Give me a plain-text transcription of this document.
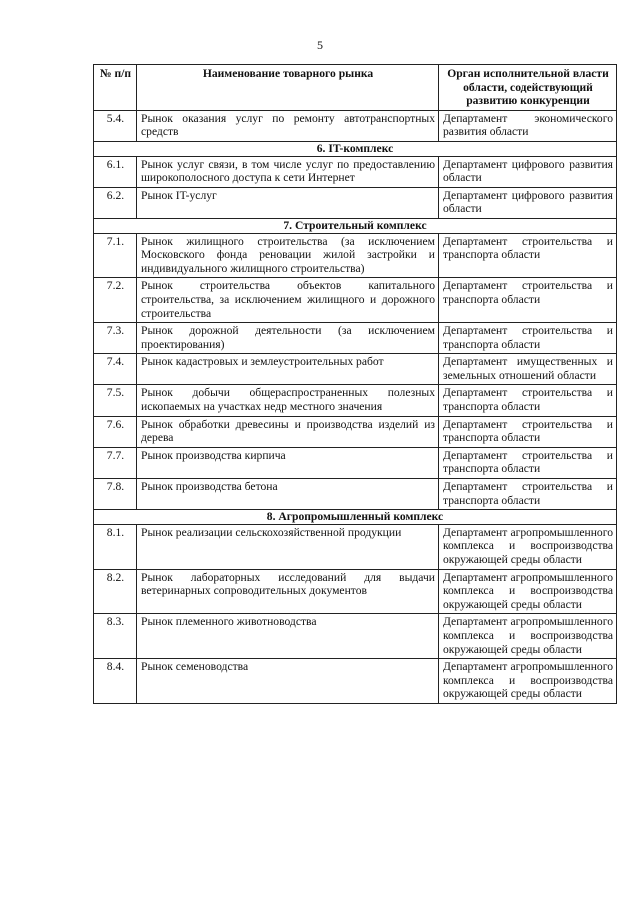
5
№ п/п	Наименование товарного рынка	Орган исполнительной власти области, содействующий развитию конкуренции
5.4.	Рынок оказания услуг по ремонту автотранспортных средств	Департамент экономического развития области
6. IT-комплекс		
6.1.	Рынок услуг связи, в том числе услуг по предоставлению широкополосного доступа к сети Интернет	Департамент цифрового развития области
6.2.	Рынок IT-услуг	Департамент цифрового развития области
7. Строительный комплекс		
7.1.	Рынок жилищного строительства (за исключением Московского фонда реновации жилой застройки и индивидуального жилищного строительства)	Департамент строительства и транспорта области
7.2.	Рынок строительства объектов капитального строительства, за исключением жилищного и дорожного строительства	Департамент строительства и транспорта области
7.3.	Рынок дорожной деятельности (за исключением проектирования)	Департамент строительства и транспорта области
7.4.	Рынок кадастровых и землеустроительных работ	Департамент имущественных и земельных отношений области
7.5.	Рынок добычи общераспространенных полезных ископаемых на участках недр местного значения	Департамент строительства и транспорта области
7.6.	Рынок обработки древесины и производства изделий из дерева	Департамент строительства и транспорта области
7.7.	Рынок производства кирпича	Департамент строительства и транспорта области
7.8.	Рынок производства бетона	Департамент строительства и транспорта области
8. Агропромышленный комплекс		
8.1.	Рынок реализации сельскохозяйственной продукции	Департамент агропромышленного комплекса и воспроизводства окружающей среды области
8.2.	Рынок лабораторных исследований для выдачи ветеринарных сопроводительных документов	Департамент агропромышленного комплекса и воспроизводства окружающей среды области
8.3.	Рынок племенного животноводства	Департамент агропромышленного комплекса и воспроизводства окружающей среды области
8.4.	Рынок семеноводства	Департамент агропромышленного комплекса и воспроизводства окружающей среды области
